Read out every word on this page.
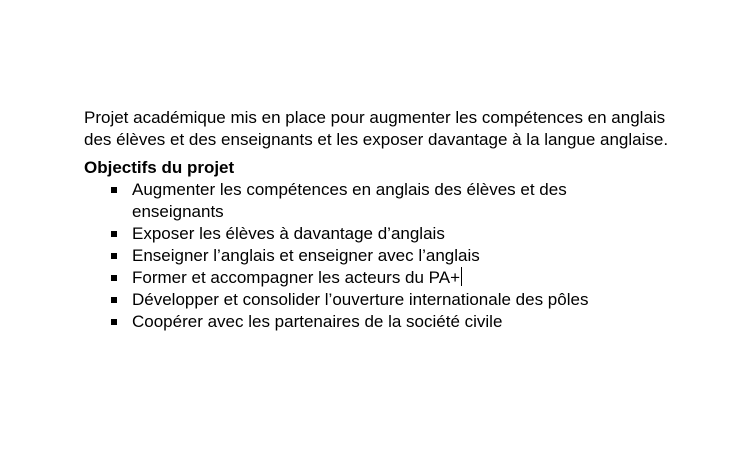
Projet académique mis en place pour augmenter les compétences en anglais des élèves et des enseignants et les exposer davantage à la langue anglaise.

Objectifs du projet

Augmenter les compétences en anglais des élèves et des enseignants
Exposer les élèves à davantage d’anglais
Enseigner l’anglais et enseigner avec l’anglais
Former et accompagner les acteurs du PA+
Développer et consolider l’ouverture internationale des pôles
Coopérer avec les partenaires de la société civile
